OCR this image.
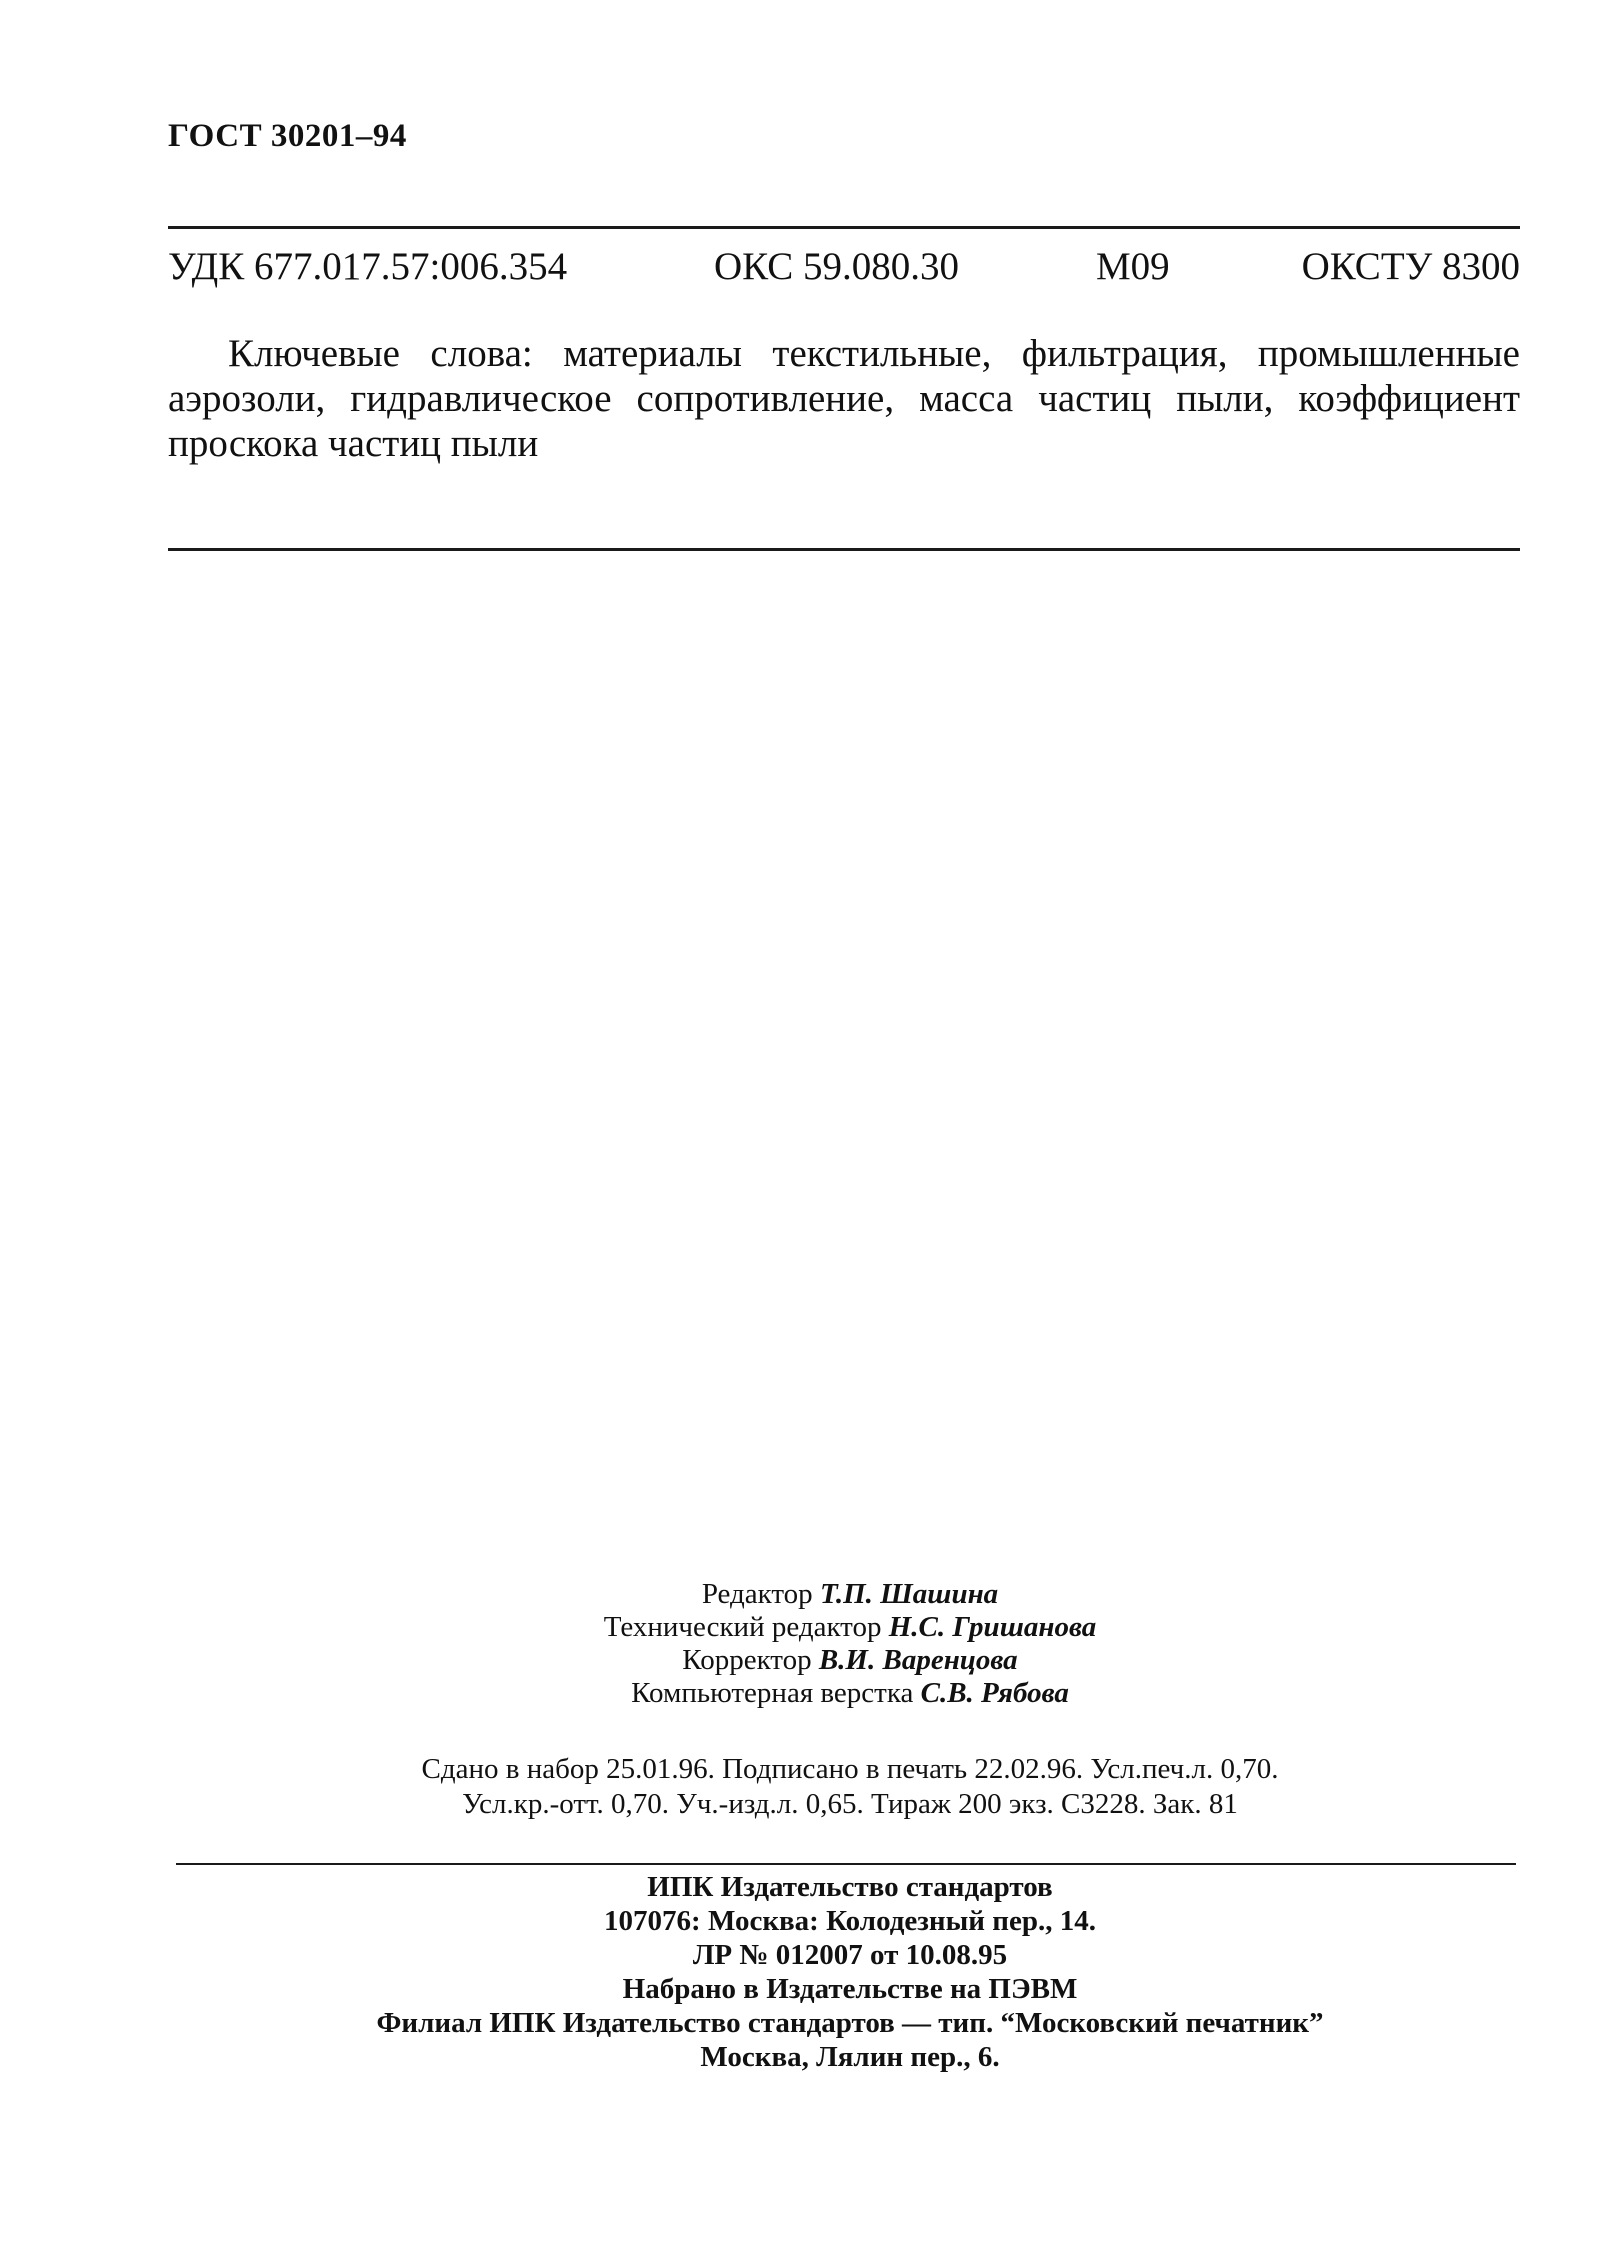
ГОСТ 30201–94
УДК 677.017.57:006.354	ОКС 59.080.30	М09	ОКСТУ 8300
Ключевые слова: материалы текстильные, фильтрация, промышленные аэрозоли, гидравлическое сопротивление, масса частиц пыли, коэффициент проскока частиц пыли
Редактор Т.П. Шашина
Технический редактор Н.С. Гришанова
Корректор В.И. Варенцова
Компьютерная верстка С.В. Рябова
Сдано в набор 25.01.96. Подписано в печать 22.02.96. Усл.печ.л. 0,70.
Усл.кр.-отт. 0,70. Уч.-изд.л. 0,65. Тираж 200 экз. С3228. Зак. 81
ИПК Издательство стандартов
107076: Москва: Колодезный пер., 14.
ЛР № 012007 от 10.08.95
Набрано в Издательстве на ПЭВМ
Филиал ИПК Издательство стандартов — тип. “Московский печатник”
Москва, Лялин пер., 6.
